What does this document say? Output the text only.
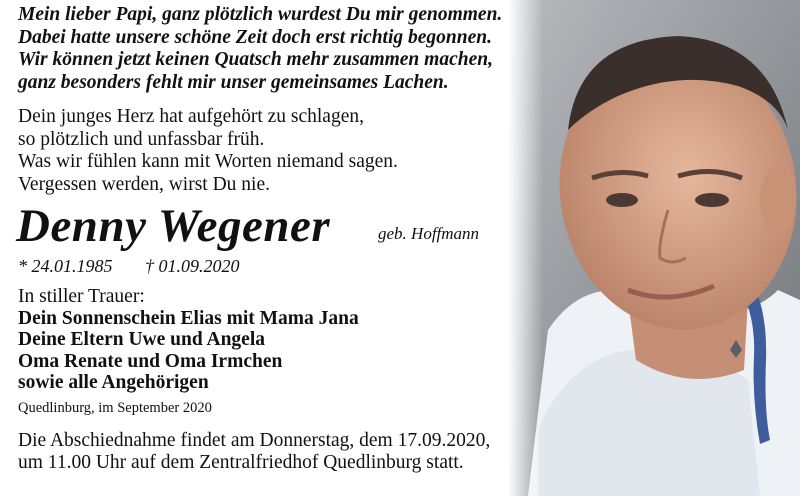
Mein lieber Papi, ganz plötzlich wurdest Du mir genommen.
Dabei hatte unsere schöne Zeit doch erst richtig begonnen.
Wir können jetzt keinen Quatsch mehr zusammen machen,
ganz besonders fehlt mir unser gemeinsames Lachen.
Dein junges Herz hat aufgehört zu schlagen,
so plötzlich und unfassbar früh.
Was wir fühlen kann mit Worten niemand sagen.
Vergessen werden, wirst Du nie.
Denny Wegener	geb. Hoffmann
* 24.01.1985 † 01.09.2020
In stiller Trauer:
Dein Sonnenschein Elias mit Mama Jana
Deine Eltern Uwe und Angela
Oma Renate und Oma Irmchen
sowie alle Angehörigen
Quedlinburg, im September 2020
Die Abschiednahme findet am Donnerstag, dem 17.09.2020,
um 11.00 Uhr auf dem Zentralfriedhof Quedlinburg statt.
